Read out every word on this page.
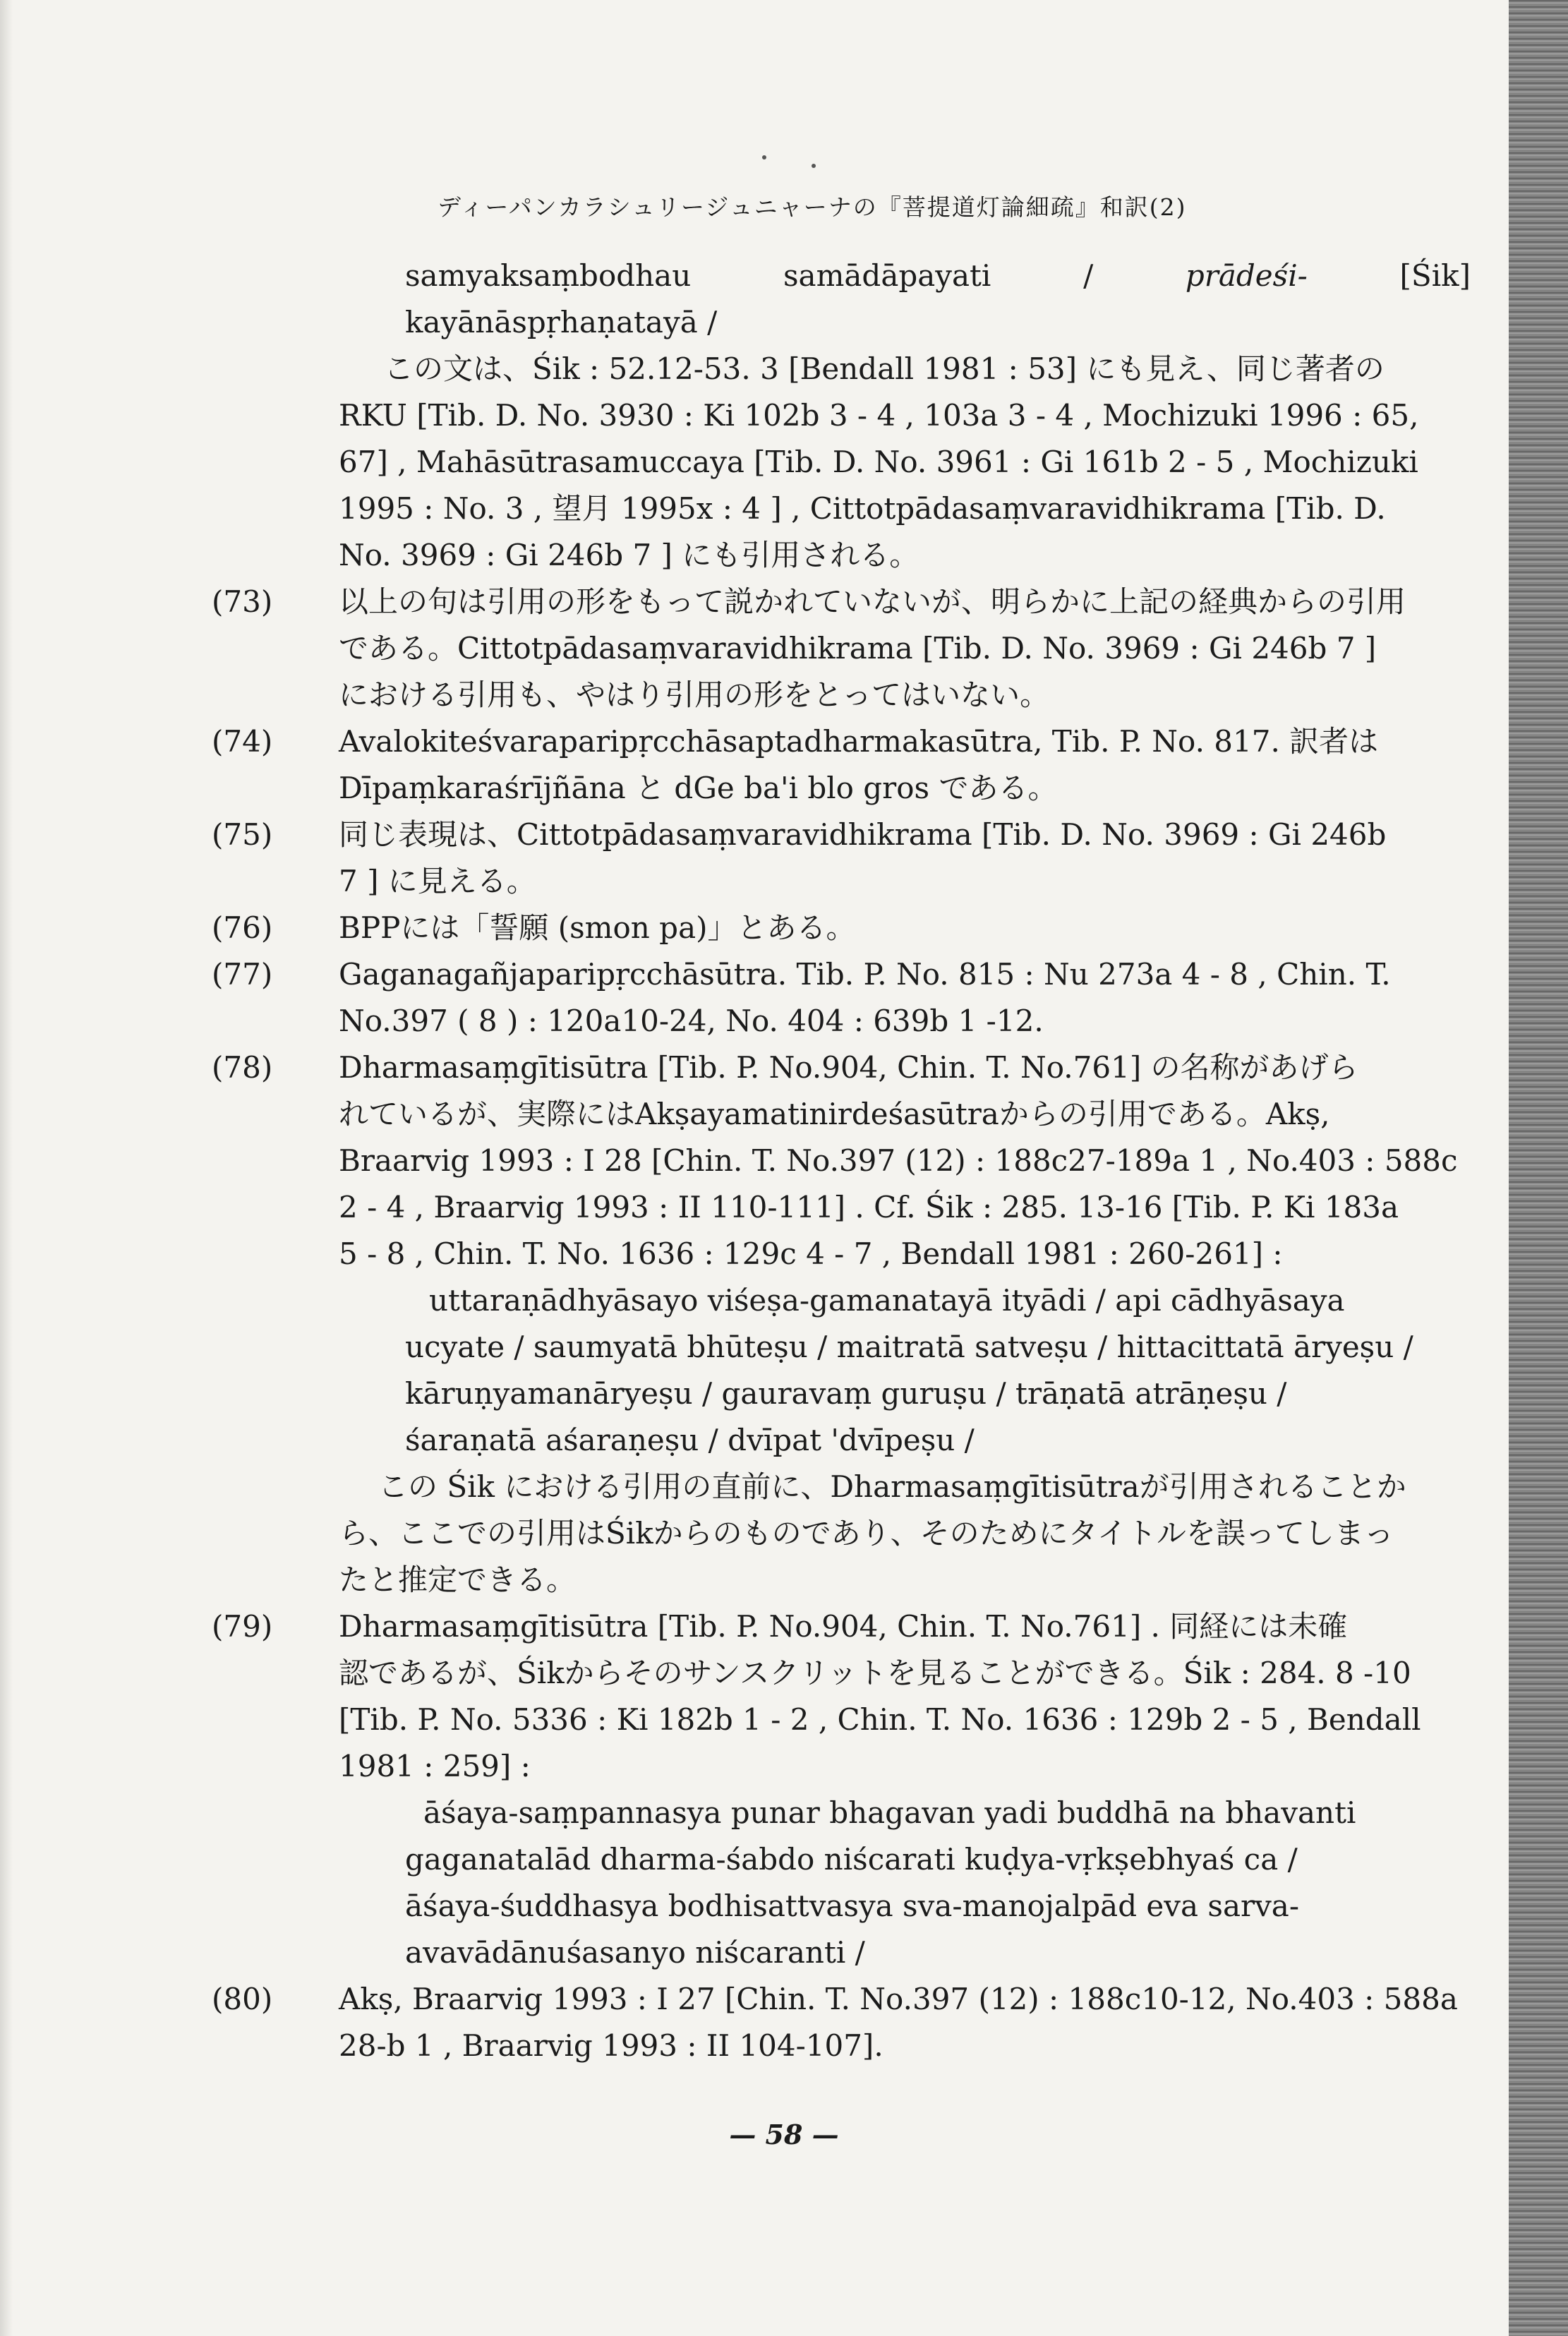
ディーパンカラシュリージュニャーナの『菩提道灯論細疏』和訳(2)
samyaksaṃbodhau	samādāpayati	/	prādeśi-	[Śik]
kayānāspṛhaṇatayā /
この文は、Śik : 52.12-53. 3 [Bendall 1981 : 53] にも見え、同じ著者の
RKU [Tib. D. No. 3930 : Ki 102b 3 - 4 , 103a 3 - 4 , Mochizuki 1996 : 65,
67] , Mahāsūtrasamuccaya [Tib. D. No. 3961 : Gi 161b 2 - 5 , Mochizuki
1995 : No. 3 , 望月 1995x : 4 ] , Cittotpādasaṃvaravidhikrama [Tib. D.
No. 3969 : Gi 246b 7 ] にも引用される。
(73)	以上の句は引用の形をもって説かれていないが、明らかに上記の経典からの引用
である。Cittotpādasaṃvaravidhikrama [Tib. D. No. 3969 : Gi 246b 7 ]
における引用も、やはり引用の形をとってはいない。
(74)	Avalokiteśvaraparipṛcchāsaptadharmakasūtra, Tib. P. No. 817. 訳者は
Dīpaṃkaraśrījñāna と dGe ba'i blo gros である。
(75)	同じ表現は、Cittotpādasaṃvaravidhikrama [Tib. D. No. 3969 : Gi 246b
7 ] に見える。
(76)	BPPには「誓願 (smon pa)」とある。
(77)	Gaganagañjaparipṛcchāsūtra. Tib. P. No. 815 : Nu 273a 4 - 8 , Chin. T.
No.397 ( 8 ) : 120a10-24, No. 404 : 639b 1 -12.
(78)	Dharmasaṃgītisūtra [Tib. P. No.904, Chin. T. No.761] の名称があげら
れているが、実際にはAkṣayamatinirdeśasūtraからの引用である。Akṣ,
Braarvig 1993 : I 28 [Chin. T. No.397 (12) : 188c27-189a 1 , No.403 : 588c
2 - 4 , Braarvig 1993 : II 110-111] . Cf. Śik : 285. 13-16 [Tib. P. Ki 183a
5 - 8 , Chin. T. No. 1636 : 129c 4 - 7 , Bendall 1981 : 260-261] :
uttaraṇādhyāsayo viśeṣa-gamanatayā ityādi / api cādhyāsaya
ucyate / saumyatā bhūteṣu / maitratā satveṣu / hittacittatā āryeṣu /
kāruṇyamanāryeṣu / gauravaṃ guruṣu / trāṇatā atrāṇeṣu /
śaraṇatā aśaraṇeṣu / dvīpat 'dvīpeṣu /
この Śik における引用の直前に、Dharmasaṃgītisūtraが引用されることか
ら、ここでの引用はŚikからのものであり、そのためにタイトルを誤ってしまっ
たと推定できる。
(79)	Dharmasaṃgītisūtra [Tib. P. No.904, Chin. T. No.761] . 同経には未確
認であるが、Śikからそのサンスクリットを見ることができる。Śik : 284. 8 -10
[Tib. P. No. 5336 : Ki 182b 1 - 2 , Chin. T. No. 1636 : 129b 2 - 5 , Bendall
1981 : 259] :
āśaya-saṃpannasya punar bhagavan yadi buddhā na bhavanti
gaganatalād dharma-śabdo niścarati kuḍya-vṛkṣebhyaś ca /
āśaya-śuddhasya bodhisattvasya sva-manojalpād eva sarva-
avavādānuśasanyo niścaranti /
(80)	Akṣ, Braarvig 1993 : I 27 [Chin. T. No.397 (12) : 188c10-12, No.403 : 588a
28-b 1 , Braarvig 1993 : II 104-107].
— 58 —
